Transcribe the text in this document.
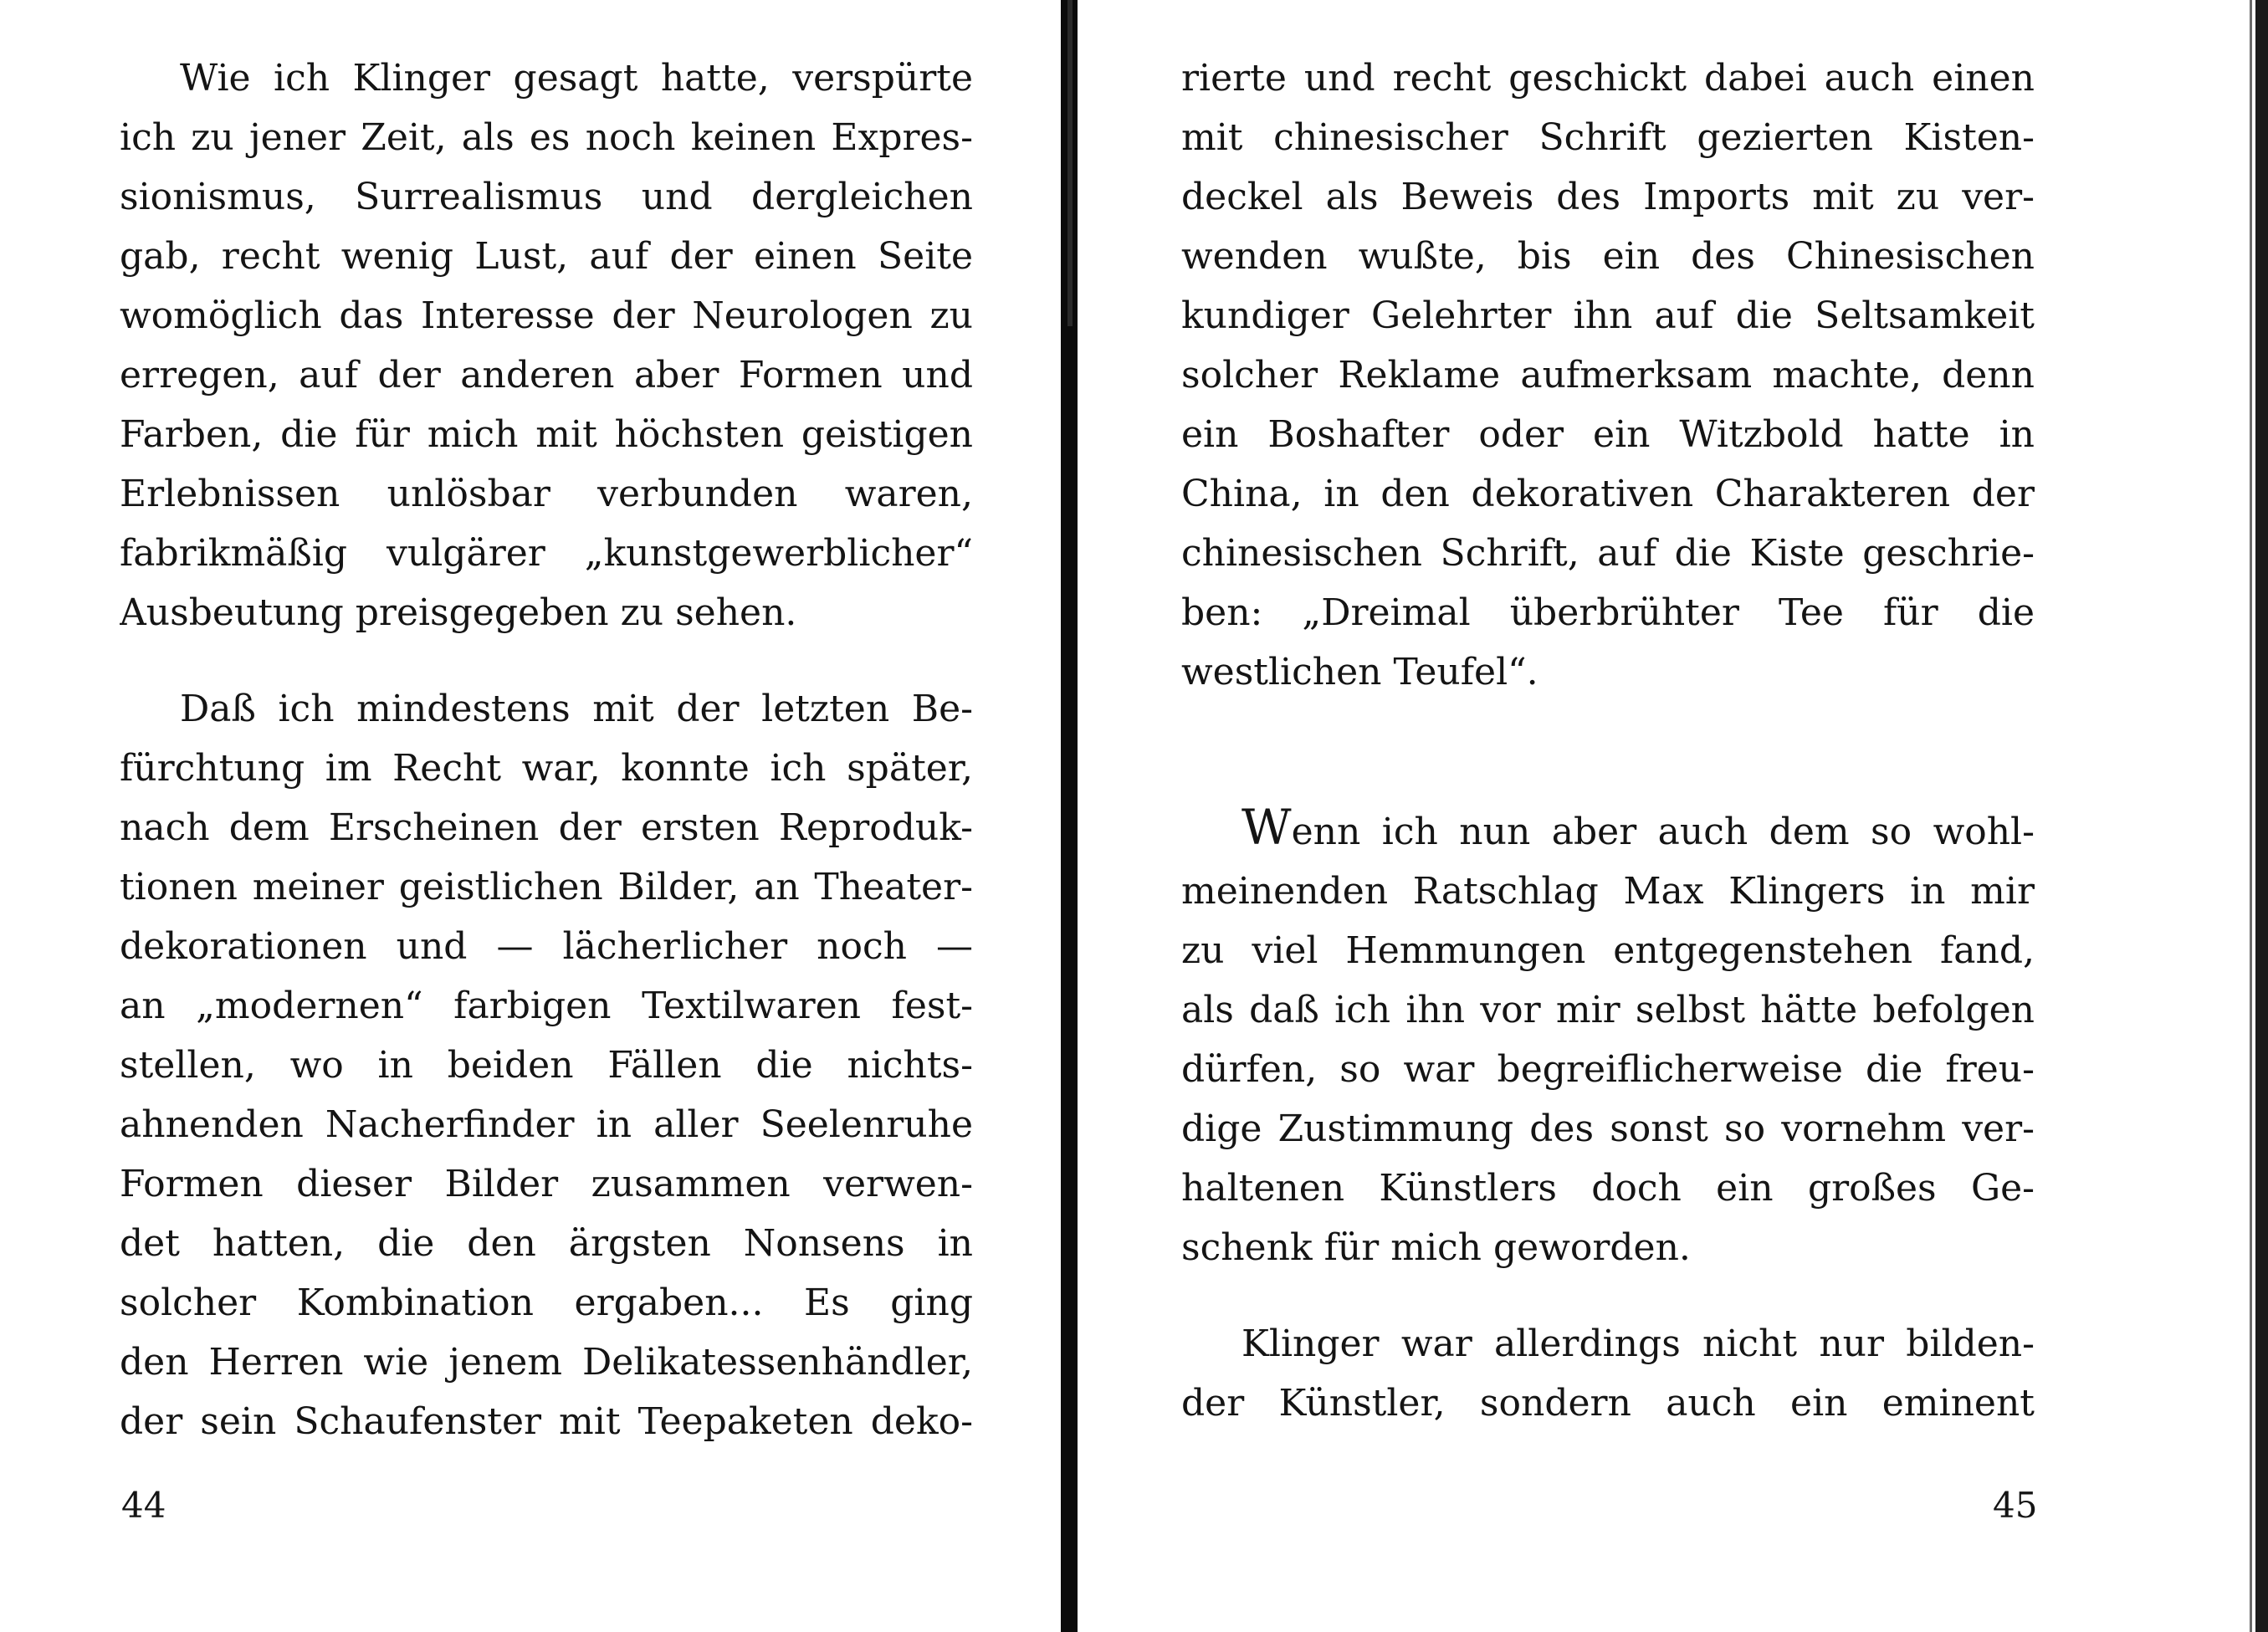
Wie ich Klinger gesagt hatte, verspürte
ich zu jener Zeit, als es noch keinen Expres-
sionismus, Surrealismus und dergleichen
gab, recht wenig Lust, auf der einen Seite
womöglich das Interesse der Neurologen zu
erregen, auf der anderen aber Formen und
Farben, die für mich mit höchsten geistigen
Erlebnissen unlösbar verbunden waren,
fabrikmäßig vulgärer „kunstgewerblicher“
Ausbeutung preisgegeben zu sehen.
Daß ich mindestens mit der letzten Be-
fürchtung im Recht war, konnte ich später,
nach dem Erscheinen der ersten Reproduk-
tionen meiner geistlichen Bilder, an Theater-
dekorationen und — lächerlicher noch —
an „modernen“ farbigen Textilwaren fest-
stellen, wo in beiden Fällen die nichts-
ahnenden Nacherfinder in aller Seelenruhe
Formen dieser Bilder zusammen verwen-
det hatten, die den ärgsten Nonsens in
solcher Kombination ergaben... Es ging
den Herren wie jenem Delikatessenhändler,
der sein Schaufenster mit Teepaketen deko-
44
rierte und recht geschickt dabei auch einen
mit chinesischer Schrift gezierten Kisten-
deckel als Beweis des Imports mit zu ver-
wenden wußte, bis ein des Chinesischen
kundiger Gelehrter ihn auf die Seltsamkeit
solcher Reklame aufmerksam machte, denn
ein Boshafter oder ein Witzbold hatte in
China, in den dekorativen Charakteren der
chinesischen Schrift, auf die Kiste geschrie-
ben: „Dreimal überbrühter Tee für die
westlichen Teufel“.
Wenn ich nun aber auch dem so wohl-
meinenden Ratschlag Max Klingers in mir
zu viel Hemmungen entgegenstehen fand,
als daß ich ihn vor mir selbst hätte befolgen
dürfen, so war begreiflicherweise die freu-
dige Zustimmung des sonst so vornehm ver-
haltenen Künstlers doch ein großes Ge-
schenk für mich geworden.
Klinger war allerdings nicht nur bilden-
der Künstler, sondern auch ein eminent
45
